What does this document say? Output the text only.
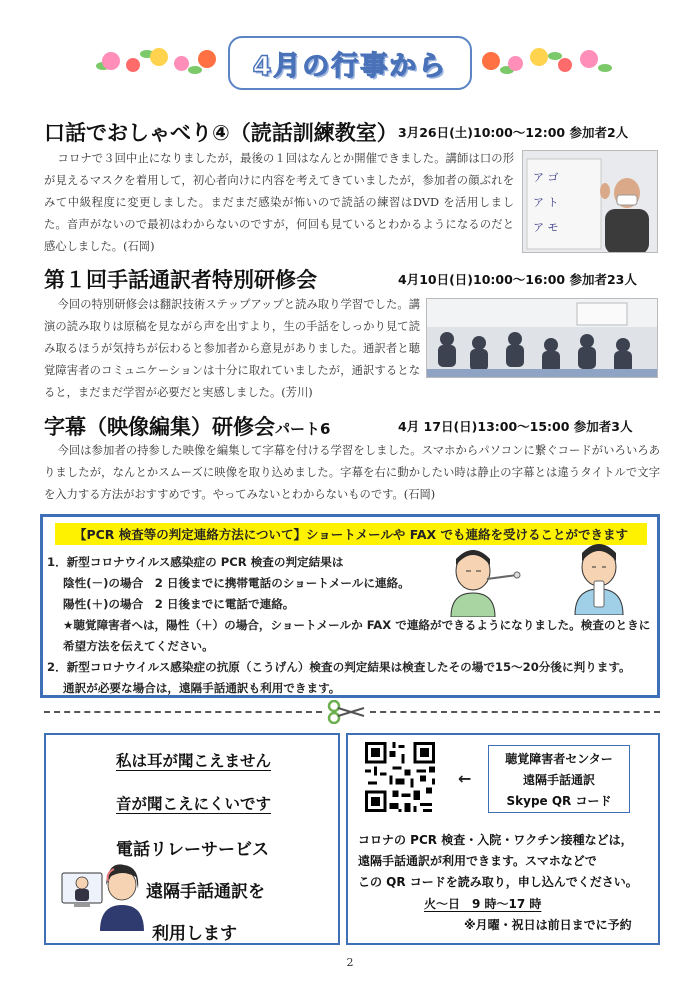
4月の行事から
口話でおしゃべり④（読話訓練教室） 3月26日(土)10:00～12:00 参加者2人
コロナで３回中止になりましたが，最後の１回はなんとか開催できました。講師は口の形が見えるマスクを着用して，初心者向けに内容を考えてきていましたが，参加者の顔ぶれをみて中級程度に変更しました。まだまだ感染が怖いので読話の練習はDVD を活用しました。音声がないので最初はわからないのですが，何回も見ているとわかるようになるのだと感心しました。(石岡)
ア ゴ
ア ト
ア モ
第１回手話通訳者特別研修会	4月10日(日)10:00～16:00 参加者23人
今回の特別研修会は翻訳技術ステップアップと読み取り学習でした。講演の読み取りは原稿を見ながら声を出すより，生の手話をしっかり見て読み取るほうが気持ちが伝わると参加者から意見がありました。通訳者と聴覚障害者のコミュニケーションは十分に取れていましたが，通訳するとなると，まだまだ学習が必要だと実感しました。(芳川)
字幕（映像編集）研修会パート6	4月 17日(日)13:00～15:00 参加者3人
今回は参加者の持参した映像を編集して字幕を付ける学習をしました。スマホからパソコンに繋ぐコードがいろいろありましたが，なんとかスムーズに映像を取り込めました。字幕を右に動かしたい時は静止の字幕とは違うタイトルで文字を入力する方法がおすすめです。やってみないとわからないものです。(石岡)
【PCR 検査等の判定連絡方法について】ショートメールや FAX でも連絡を受けることができます
1．新型コロナウイルス感染症の PCR 検査の判定結果は
陰性(－)の場合　2 日後までに携帯電話のショートメールに連絡。
陽性(＋)の場合　2 日後までに電話で連絡。
★聴覚障害者へは，陽性（＋）の場合，ショートメールか FAX で連絡ができるようになりました。検査のときに
希望方法を伝えてください。
2．新型コロナウイルス感染症の抗原（こうげん）検査の判定結果は検査したその場で15～20分後に判ります。
通訳が必要な場合は，遠隔手話通訳も利用できます。
私は耳が聞こえません
音が聞こえにくいです
電話リレーサービス
遠隔手話通訳を
利用します
←
聴覚障害者センター
遠隔手話通訳
Skype QR コード
コロナの PCR 検査・入院・ワクチン接種などは，
遠隔手話通訳が利用できます。スマホなどで
この QR コードを読み取り，申し込んでください。
火～日　9 時～17 時
※月曜・祝日は前日までに予約
2
